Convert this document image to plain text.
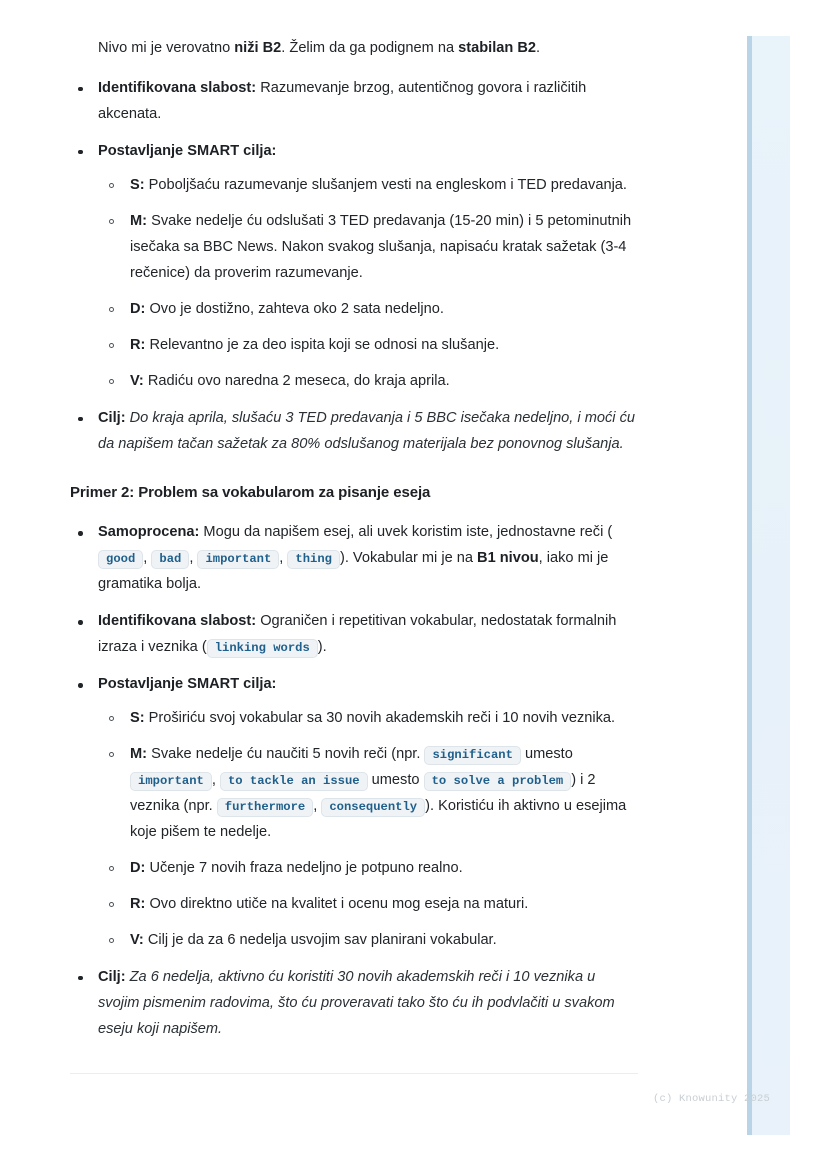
Nivo mi je verovatno niži B2. Želim da ga podignem na stabilan B2.

Identifikovana slabost: Razumevanje brzog, autentičnog govora i različitih akcenata.
Postavljanje SMART cilja:
S: Poboljšaću razumevanje slušanjem vesti na engleskom i TED predavanja.
M: Svake nedelje ću odslušati 3 TED predavanja (15-20 min) i 5 petominutnih isečaka sa BBC News. Nakon svakog slušanja, napisaću kratak sažetak (3-4 rečenice) da proverim razumevanje.
D: Ovo je dostižno, zahteva oko 2 sata nedeljno.
R: Relevantno je za deo ispita koji se odnosi na slušanje.
V: Radiću ovo naredna 2 meseca, do kraja aprila.
Cilj: Do kraja aprila, slušaću 3 TED predavanja i 5 BBC isečaka nedeljno, i moći ću da napišem tačan sažetak za 80% odslušanog materijala bez ponovnog slušanja.
Primer 2: Problem sa vokabularom za pisanje eseja
Samoprocena: Mogu da napišem esej, ali uvek koristim iste, jednostavne reči (good , bad , important , thing ). Vokabular mi je na B1 nivou, iako mi je gramatika bolja.
Identifikovana slabost: Ograničen i repetitivan vokabular, nedostatak formalnih izraza i veznika ( linking words ).
Postavljanje SMART cilja:
S: Proširiću svoj vokabular sa 30 novih akademskih reči i 10 novih veznika.
M: Svake nedelje ću naučiti 5 novih reči (npr. significant umesto important , to tackle an issue umesto to solve a problem ) i 2 veznika (npr. furthermore , consequently ). Koristiću ih aktivno u esejima koje pišem te nedelje.
D: Učenje 7 novih fraza nedeljno je potpuno realno.
R: Ovo direktno utiče na kvalitet i ocenu mog eseja na maturi.
V: Cilj je da za 6 nedelja usvojim sav planirani vokabular.
Cilj: Za 6 nedelja, aktivno ću koristiti 30 novih akademskih reči i 10 veznika u svojim pismenim radovima, što ću proveravati tako što ću ih podvlačiti u svakom eseju koji napišem.
(c) Knowunity 2025
